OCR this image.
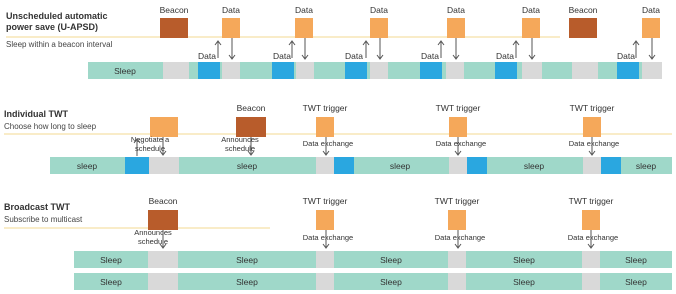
Unscheduled automatic
power save (U-APSD)
Sleep within a beacon interval
Beacon	Data	Data	Data	Data	Data	Beacon	Data
Data	Data	Data	Data	Data	Data
Sleep
Individual TWT
Choose how long to sleep
Beacon	TWT trigger	TWT trigger	TWT trigger
Negotiate a
schedule
Announces
schedule
Data exchange	Data exchange	Data exchange
sleep	sleep	sleep	sleep	sleep
Broadcast TWT
Subscribe to multicast
Beacon	TWT trigger	TWT trigger	TWT trigger
Announces
schedule	Data exchange	Data exchange	Data exchange
Sleep	Sleep	Sleep	Sleep	Sleep
Sleep	Sleep	Sleep	Sleep	Sleep
